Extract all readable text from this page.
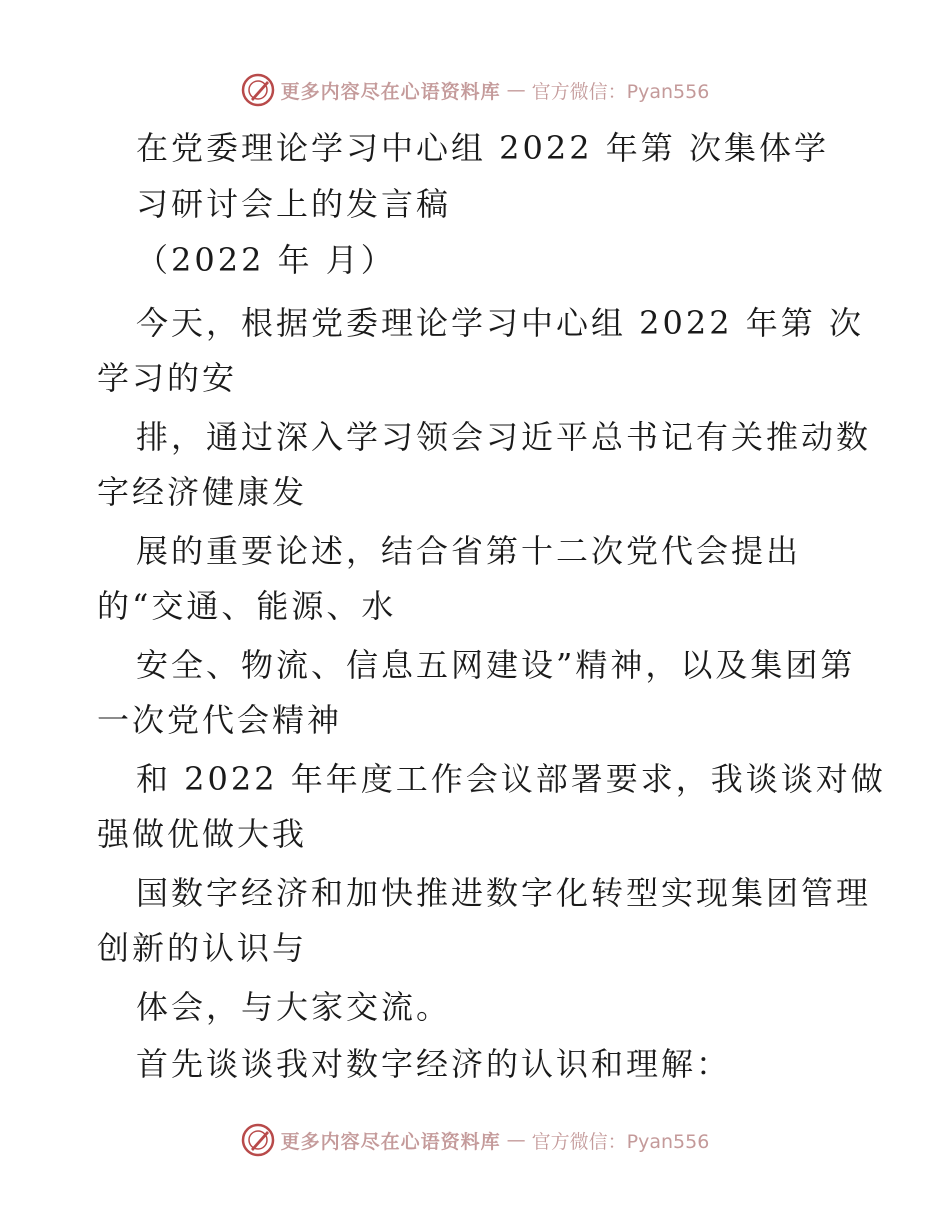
更多内容尽在心语资料库 — 官方微信：Pyan556
在党委理论学习中心组 2022 年第 次集体学
习研讨会上的发言稿
（2022 年 月）
今天，根据党委理论学习中心组 2022 年第 次
学习的安
排，通过深入学习领会习近平总书记有关推动数
字经济健康发
展的重要论述，结合省第十二次党代会提出
的“交通、能源、水
安全、物流、信息五网建设”精神，以及集团第
一次党代会精神
和 2022 年年度工作会议部署要求，我谈谈对做
强做优做大我
国数字经济和加快推进数字化转型实现集团管理
创新的认识与
体会，与大家交流。
首先谈谈我对数字经济的认识和理解：
更多内容尽在心语资料库 — 官方微信：Pyan556
